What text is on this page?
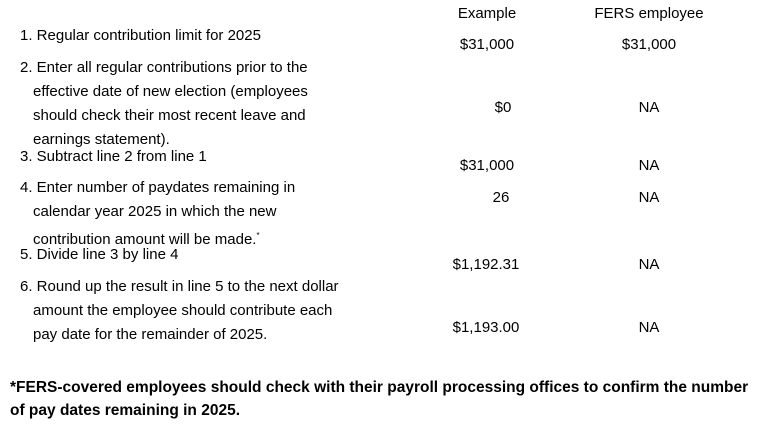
Example	FERS employee
1. Regular contribution limit for 2025
$31,000	$31,000
2. Enter all regular contributions prior to the
effective date of new election (employees
should check their most recent leave and
earnings statement).
$0	NA
3. Subtract line 2 from line 1
$31,000	NA
4. Enter number of paydates remaining in
calendar year 2025 in which the new
contribution amount will be made.*
26	NA
5. Divide line 3 by line 4
$1,192.31	NA
6. Round up the result in line 5 to the next dollar
amount the employee should contribute each
pay date for the remainder of 2025.	$1,193.00	NA
*FERS-covered employees should check with their payroll processing offices to confirm the number of pay dates remaining in 2025.
